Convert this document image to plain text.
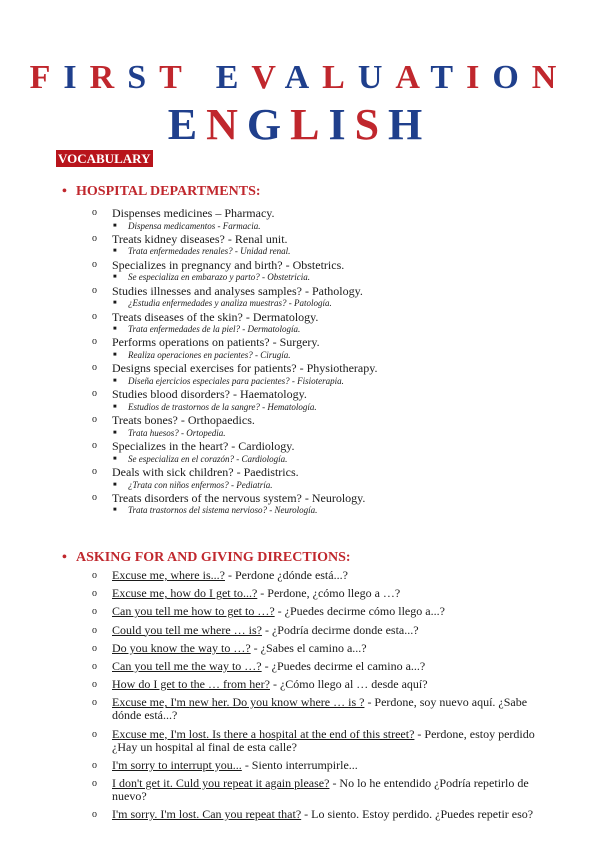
FIRST EVALUATION
ENGLISH
VOCABULARY
• HOSPITAL DEPARTMENTS:
o Dispenses medicines – Pharmacy.
■ Dispensa medicamentos - Farmacia.
o Treats kidney diseases? - Renal unit.
■ Trata enfermedades renales? - Unidad renal.
o Specializes in pregnancy and birth? - Obstetrics.
■ Se especializa en embarazo y parto? - Obstetricia.
o Studies illnesses and analyses samples? - Pathology.
■ ¿Estudia enfermedades y analiza muestras? - Patología.
o Treats diseases of the skin? - Dermatology.
■ Trata enfermedades de la piel? - Dermatología.
o Performs operations on patients? - Surgery.
■ Realiza operaciones en pacientes? - Cirugía.
o Designs special exercises for patients? - Physiotherapy.
■ Diseña ejercicios especiales para pacientes? - Fisioterapia.
o Studies blood disorders? - Haematology.
■ Estudios de trastornos de la sangre? - Hematología.
o Treats bones? - Orthopaedics.
■ Trata huesos? - Ortopedia.
o Specializes in the heart? - Cardiology.
■ Se especializa en el corazón? - Cardiología.
o Deals with sick children? - Paedistrics.
■ ¿Trata con niños enfermos? - Pediatría.
o Treats disorders of the nervous system? - Neurology.
■ Trata trastornos del sistema nervioso? - Neurología.
• ASKING FOR AND GIVING DIRECTIONS:
o Excuse me, where is...? - Perdone ¿dónde está...?
o Excuse me, how do I get to...? - Perdone, ¿cómo llego a …?
o Can you tell me how to get to …? - ¿Puedes decirme cómo llego a...?
o Could you tell me where … is? - ¿Podría decirme donde esta...?
o Do you know the way to …? - ¿Sabes el camino a...?
o Can you tell me the way to …? - ¿Puedes decirme el camino a...?
o How do I get to the … from her? - ¿Cómo llego al … desde aquí?
o Excuse me, I'm new her. Do you know where … is ? - Perdone, soy nuevo aquí. ¿Sabe dónde está...?
o Excuse me, I'm lost. Is there a hospital at the end of this street? - Perdone, estoy perdido ¿Hay un hospital al final de esta calle?
o I'm sorry to interrupt you... - Siento interrumpirle...
o I don't get it. Culd you repeat it again please? - No lo he entendido ¿Podría repetirlo de nuevo?
o I'm sorry. I'm lost. Can you repeat that? - Lo siento. Estoy perdido. ¿Puedes repetir eso?
